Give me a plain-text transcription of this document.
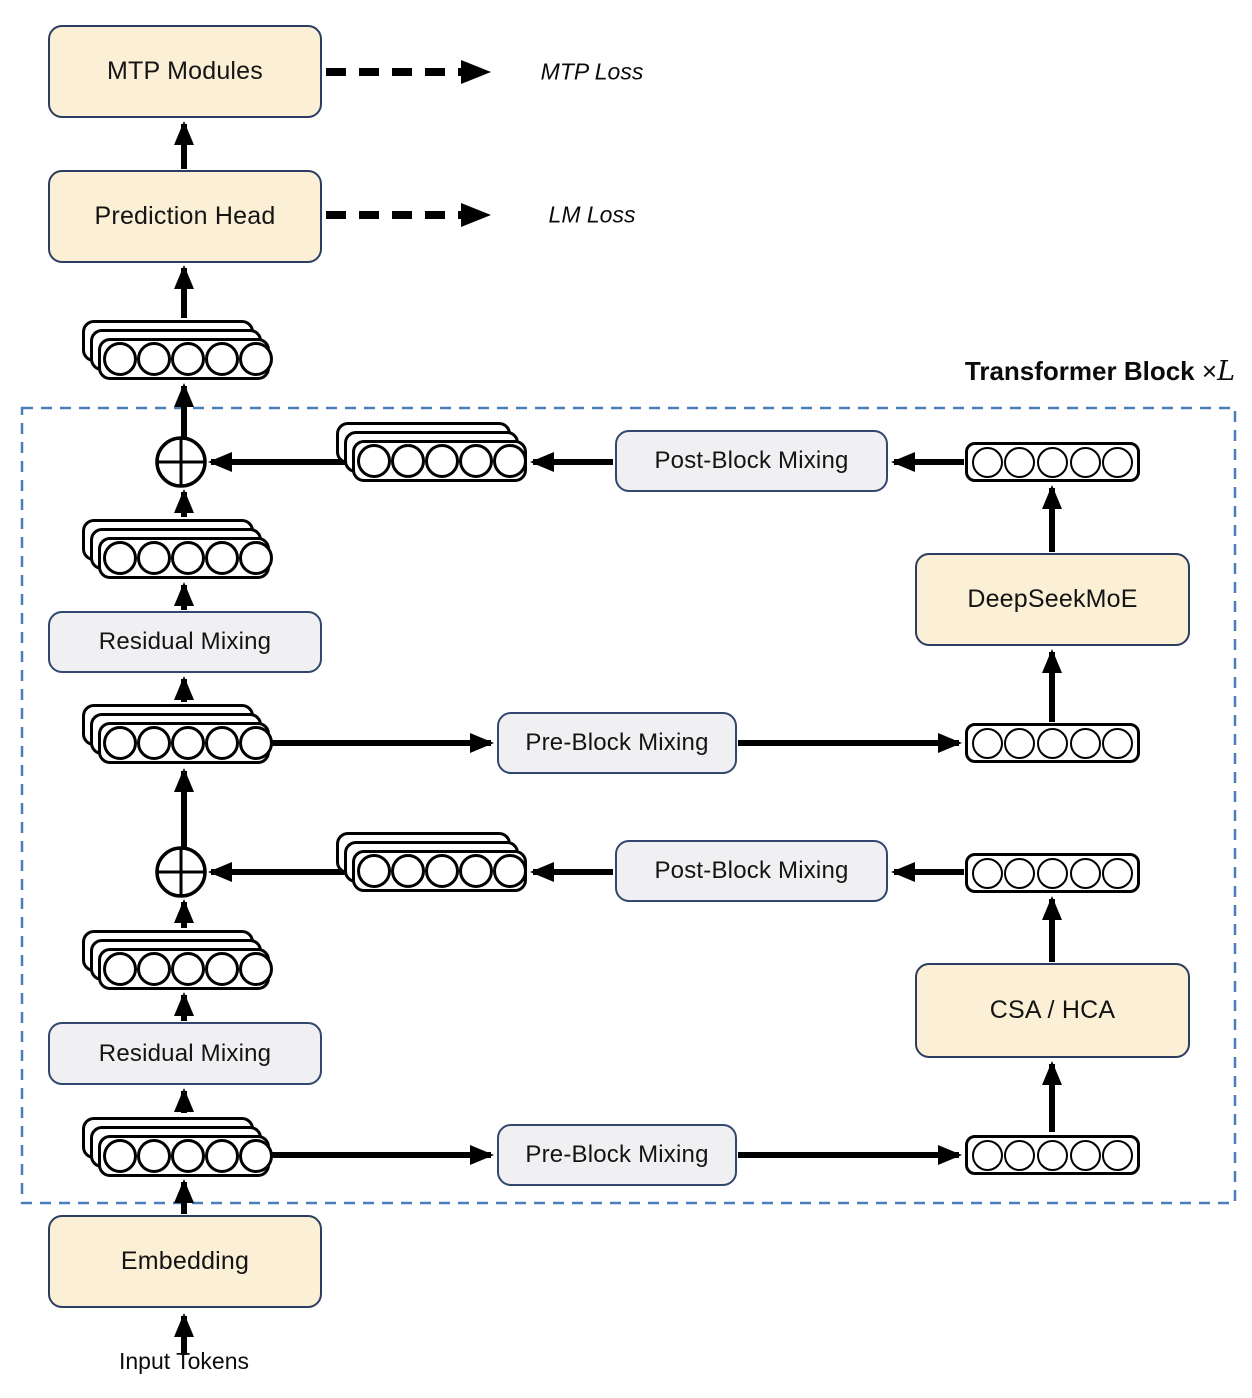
MTP Modules
Prediction Head
Residual Mixing
Residual Mixing
Pre-Block Mixing
Pre-Block Mixing
Post-Block Mixing
Post-Block Mixing
DeepSeekMoE
CSA / HCA
Embedding
MTP Loss
LM Loss
Transformer Block ×L
Input Tokens
